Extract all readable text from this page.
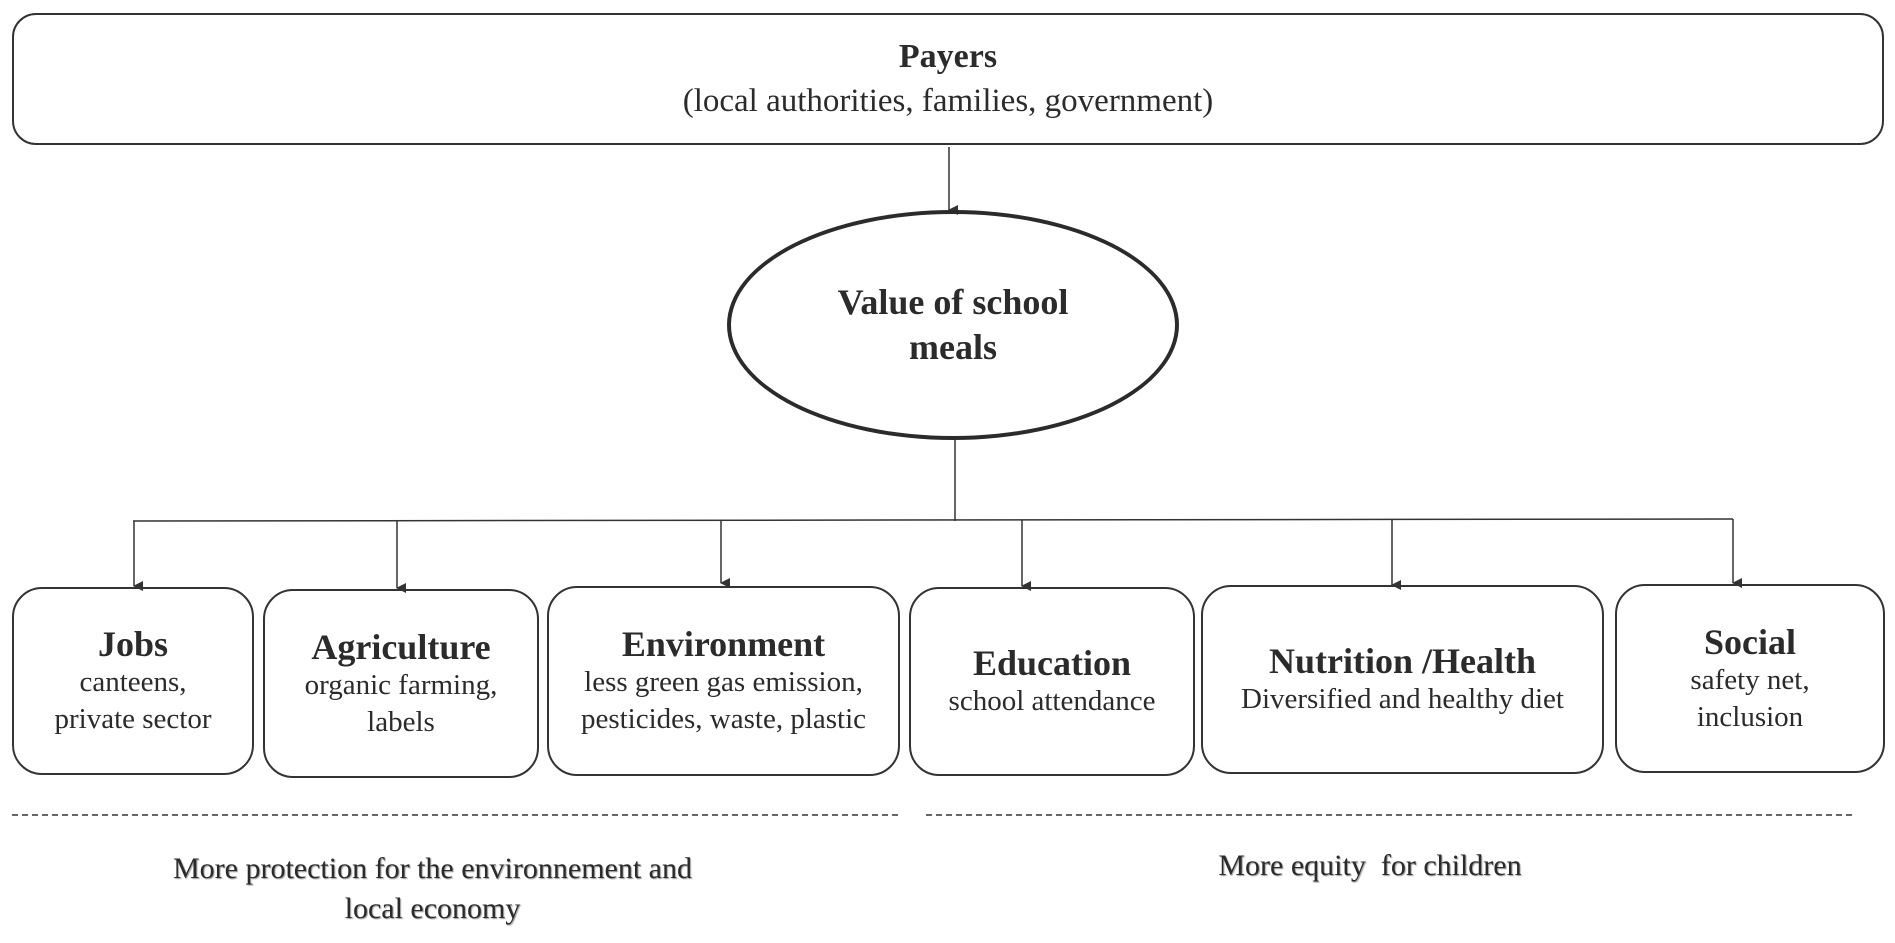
Payers
(local authorities, families, government)
Value of school meals
Jobs
canteens, private sector
Agriculture
organic farming, labels
Environment
less green gas emission, pesticides, waste, plastic
Education
school attendance
Nutrition /Health
Diversified and healthy diet
Social
safety net, inclusion
More protection for the environnement and local economy
More equity  for children
